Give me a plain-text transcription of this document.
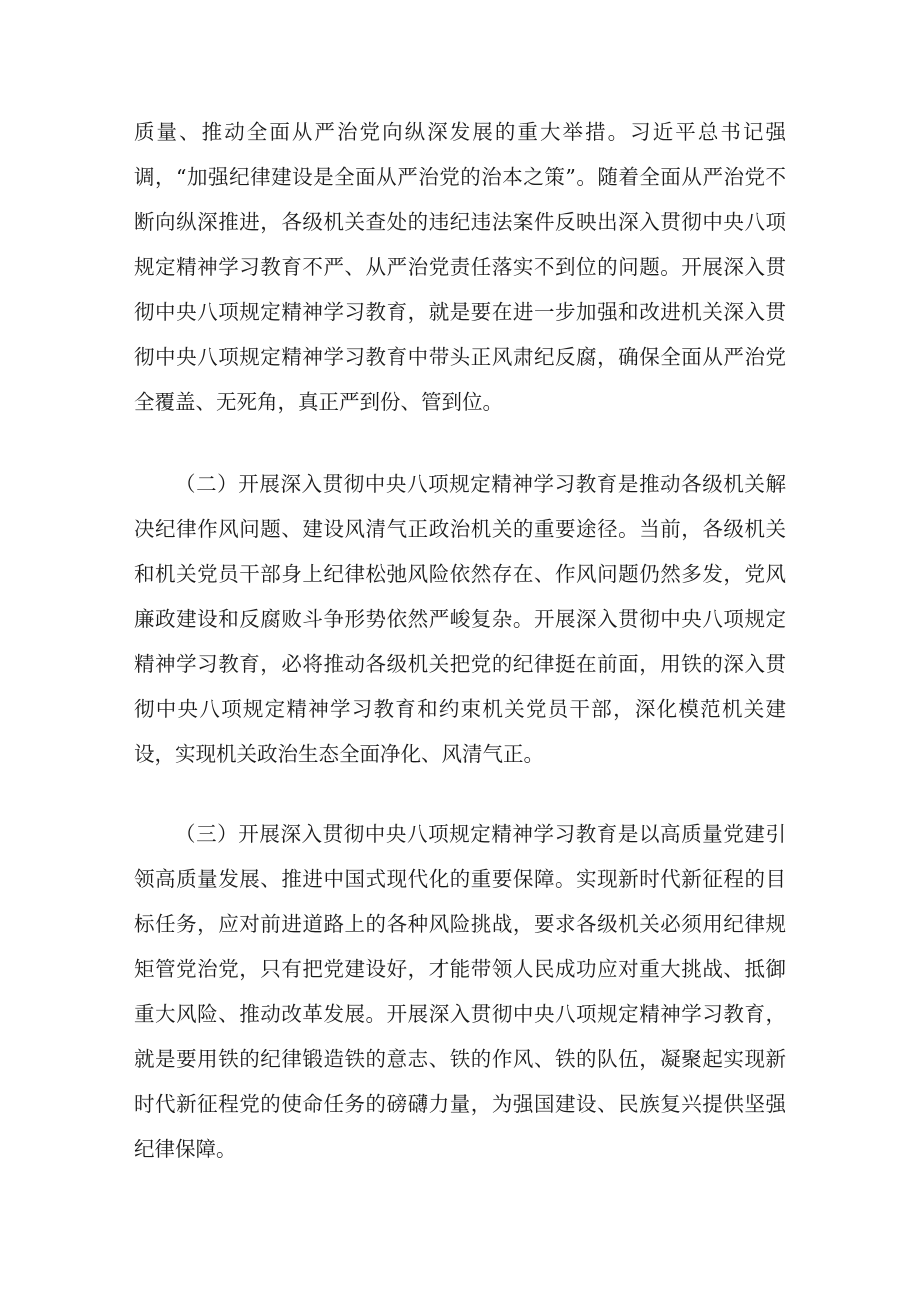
质量、推动全面从严治党向纵深发展的重大举措。习近平总书记强调，“加强纪律建设是全面从严治党的治本之策”。随着全面从严治党不断向纵深推进，各级机关查处的违纪违法案件反映出深入贯彻中央八项规定精神学习教育不严、从严治党责任落实不到位的问题。开展深入贯彻中央八项规定精神学习教育，就是要在进一步加强和改进机关深入贯彻中央八项规定精神学习教育中带头正风肃纪反腐，确保全面从严治党全覆盖、无死角，真正严到份、管到位。

（二）开展深入贯彻中央八项规定精神学习教育是推动各级机关解决纪律作风问题、建设风清气正政治机关的重要途径。当前，各级机关和机关党员干部身上纪律松弛风险依然存在、作风问题仍然多发，党风廉政建设和反腐败斗争形势依然严峻复杂。开展深入贯彻中央八项规定精神学习教育，必将推动各级机关把党的纪律挺在前面，用铁的深入贯彻中央八项规定精神学习教育和约束机关党员干部，深化模范机关建设，实现机关政治生态全面净化、风清气正。

（三）开展深入贯彻中央八项规定精神学习教育是以高质量党建引领高质量发展、推进中国式现代化的重要保障。实现新时代新征程的目标任务，应对前进道路上的各种风险挑战，要求各级机关必须用纪律规矩管党治党，只有把党建设好，才能带领人民成功应对重大挑战、抵御重大风险、推动改革发展。开展深入贯彻中央八项规定精神学习教育，就是要用铁的纪律锻造铁的意志、铁的作风、铁的队伍，凝聚起实现新时代新征程党的使命任务的磅礴力量，为强国建设、民族复兴提供坚强纪律保障。
